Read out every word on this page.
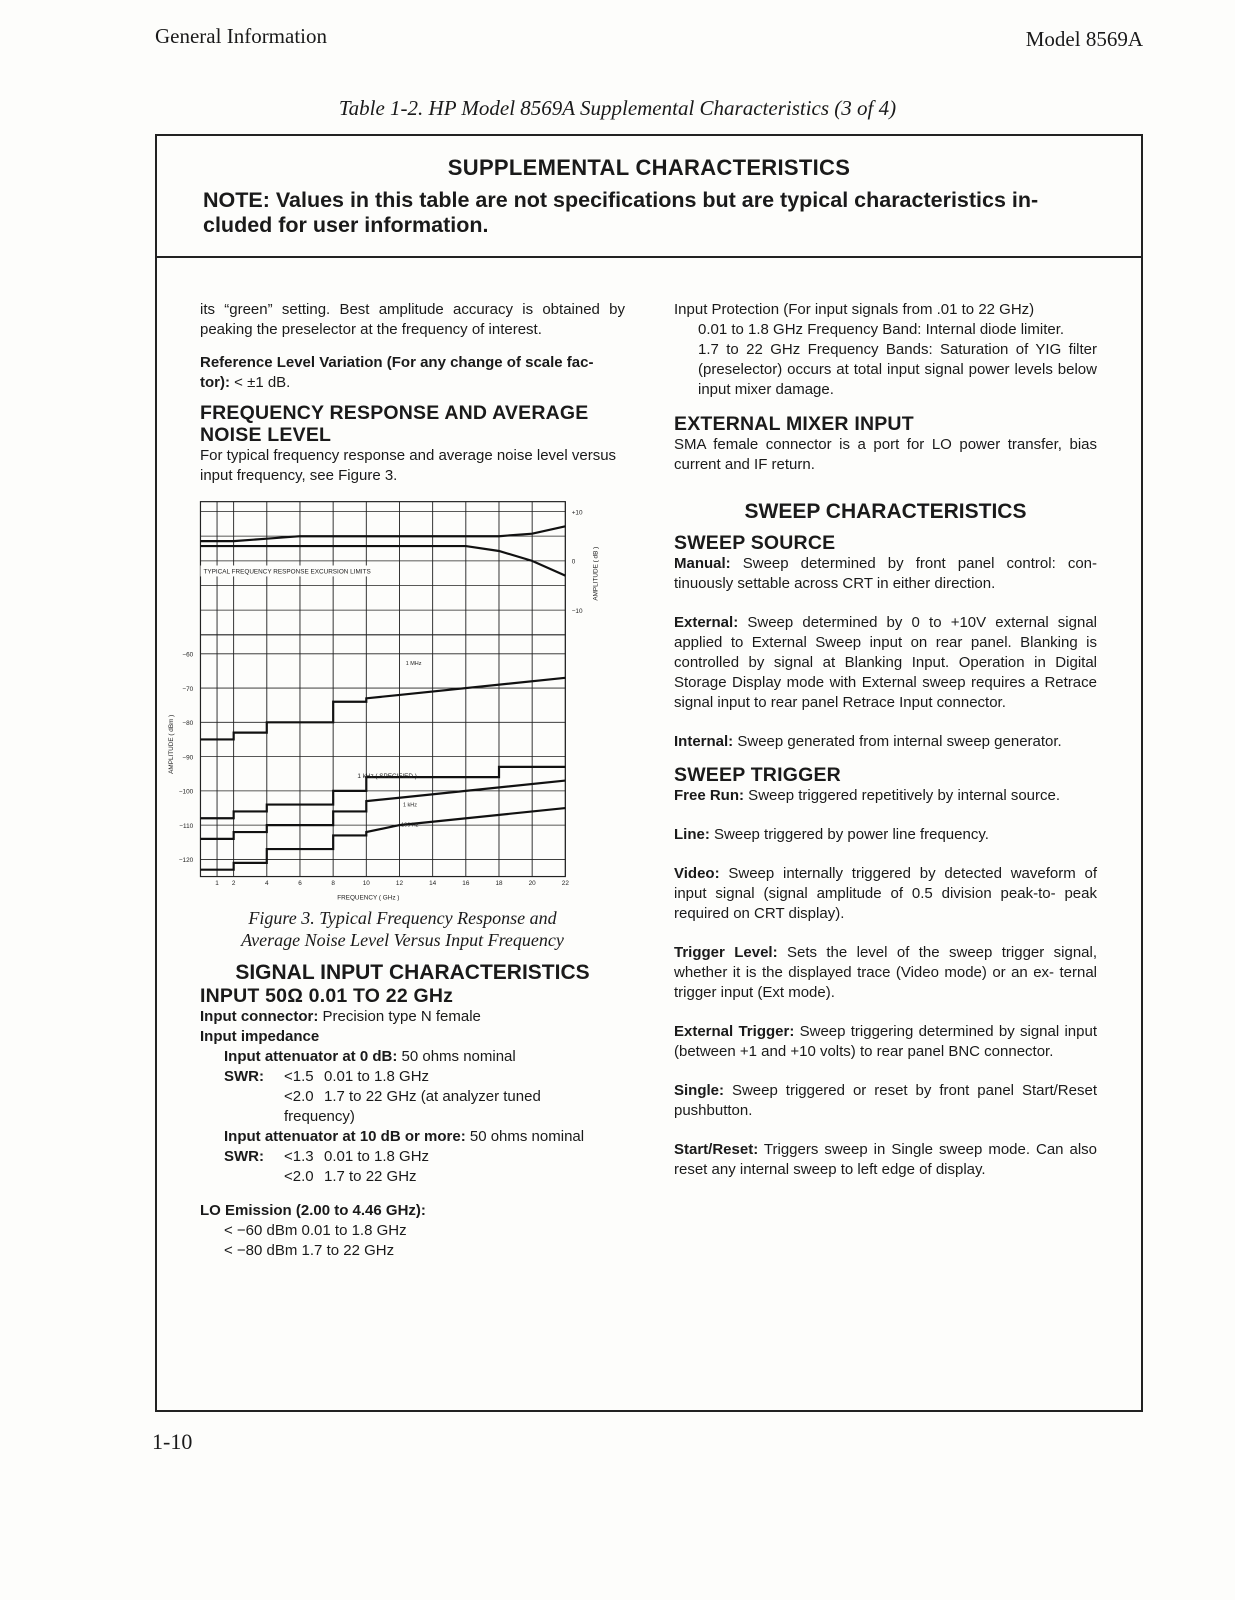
General Information	Model 8569A
Table 1-2. HP Model 8569A Supplemental Characteristics (3 of 4)
SUPPLEMENTAL CHARACTERISTICS
NOTE: Values in this table are not specifications but are typical characteristics in- cluded for user information.

its “green” setting. Best amplitude accuracy is obtained by peaking the preselector at the frequency of interest.

Reference Level Variation (For any change of scale fac- tor): < ±1 dB.

FREQUENCY RESPONSE AND AVERAGE NOISE LEVEL

For typical frequency response and average noise level versus input frequency, see Figure 3.

1 2	4	6	8	10	12	14	16	18	20	22
+10
0
−10
−60
−70
−80
−90
−100
−110
−120
TYPICAL FREQUENCY RESPONSE EXCURSION LIMITS
1 MHz
1 kHz ( SPECIFIED )
1 kHz
100 Hz
FREQUENCY ( GHz )
AMPLITUDE ( dB )
AMPLITUDE ( dBm )
Figure 3. Typical Frequency Response and
Average Noise Level Versus Input Frequency
SIGNAL INPUT CHARACTERISTICS
INPUT 50Ω 0.01 TO 22 GHz

Input connector: Precision type N female

Input impedance

Input attenuator at 0 dB: 50 ohms nominal

SWR:	<1.5 0.01 to 1.8 GHz
<2.0 1.7 to 22 GHz (at analyzer tuned
frequency)

Input attenuator at 10 dB or more: 50 ohms nominal

SWR:	<1.3 0.01 to 1.8 GHz
<2.0 1.7 to 22 GHz

LO Emission (2.00 to 4.46 GHz):

< −60 dBm 0.01 to 1.8 GHz

< −80 dBm 1.7 to 22 GHz

Input Protection (For input signals from .01 to 22 GHz)

0.01 to 1.8 GHz Frequency Band: Internal diode limiter.

1.7 to 22 GHz Frequency Bands: Saturation of YIG filter (preselector) occurs at total input signal power levels below input mixer damage.

EXTERNAL MIXER INPUT

SMA female connector is a port for LO power transfer, bias current and IF return.

SWEEP CHARACTERISTICS
SWEEP SOURCE

Manual: Sweep determined by front panel control: con- tinuously settable across CRT in either direction.

External: Sweep determined by 0 to +10V external signal applied to External Sweep input on rear panel. Blanking is controlled by signal at Blanking Input. Operation in Digital Storage Display mode with External sweep requires a Retrace signal input to rear panel Retrace Input connector.

Internal: Sweep generated from internal sweep generator.

SWEEP TRIGGER

Free Run: Sweep triggered repetitively by internal source.

Line: Sweep triggered by power line frequency.

Video: Sweep internally triggered by detected waveform of input signal (signal amplitude of 0.5 division peak-to- peak required on CRT display).

Trigger Level: Sets the level of the sweep trigger signal, whether it is the displayed trace (Video mode) or an ex- ternal trigger input (Ext mode).

External Trigger: Sweep triggering determined by signal input (between +1 and +10 volts) to rear panel BNC connector.

Single: Sweep triggered or reset by front panel Start/Reset pushbutton.

Start/Reset: Triggers sweep in Single sweep mode. Can also reset any internal sweep to left edge of display.

1-10
